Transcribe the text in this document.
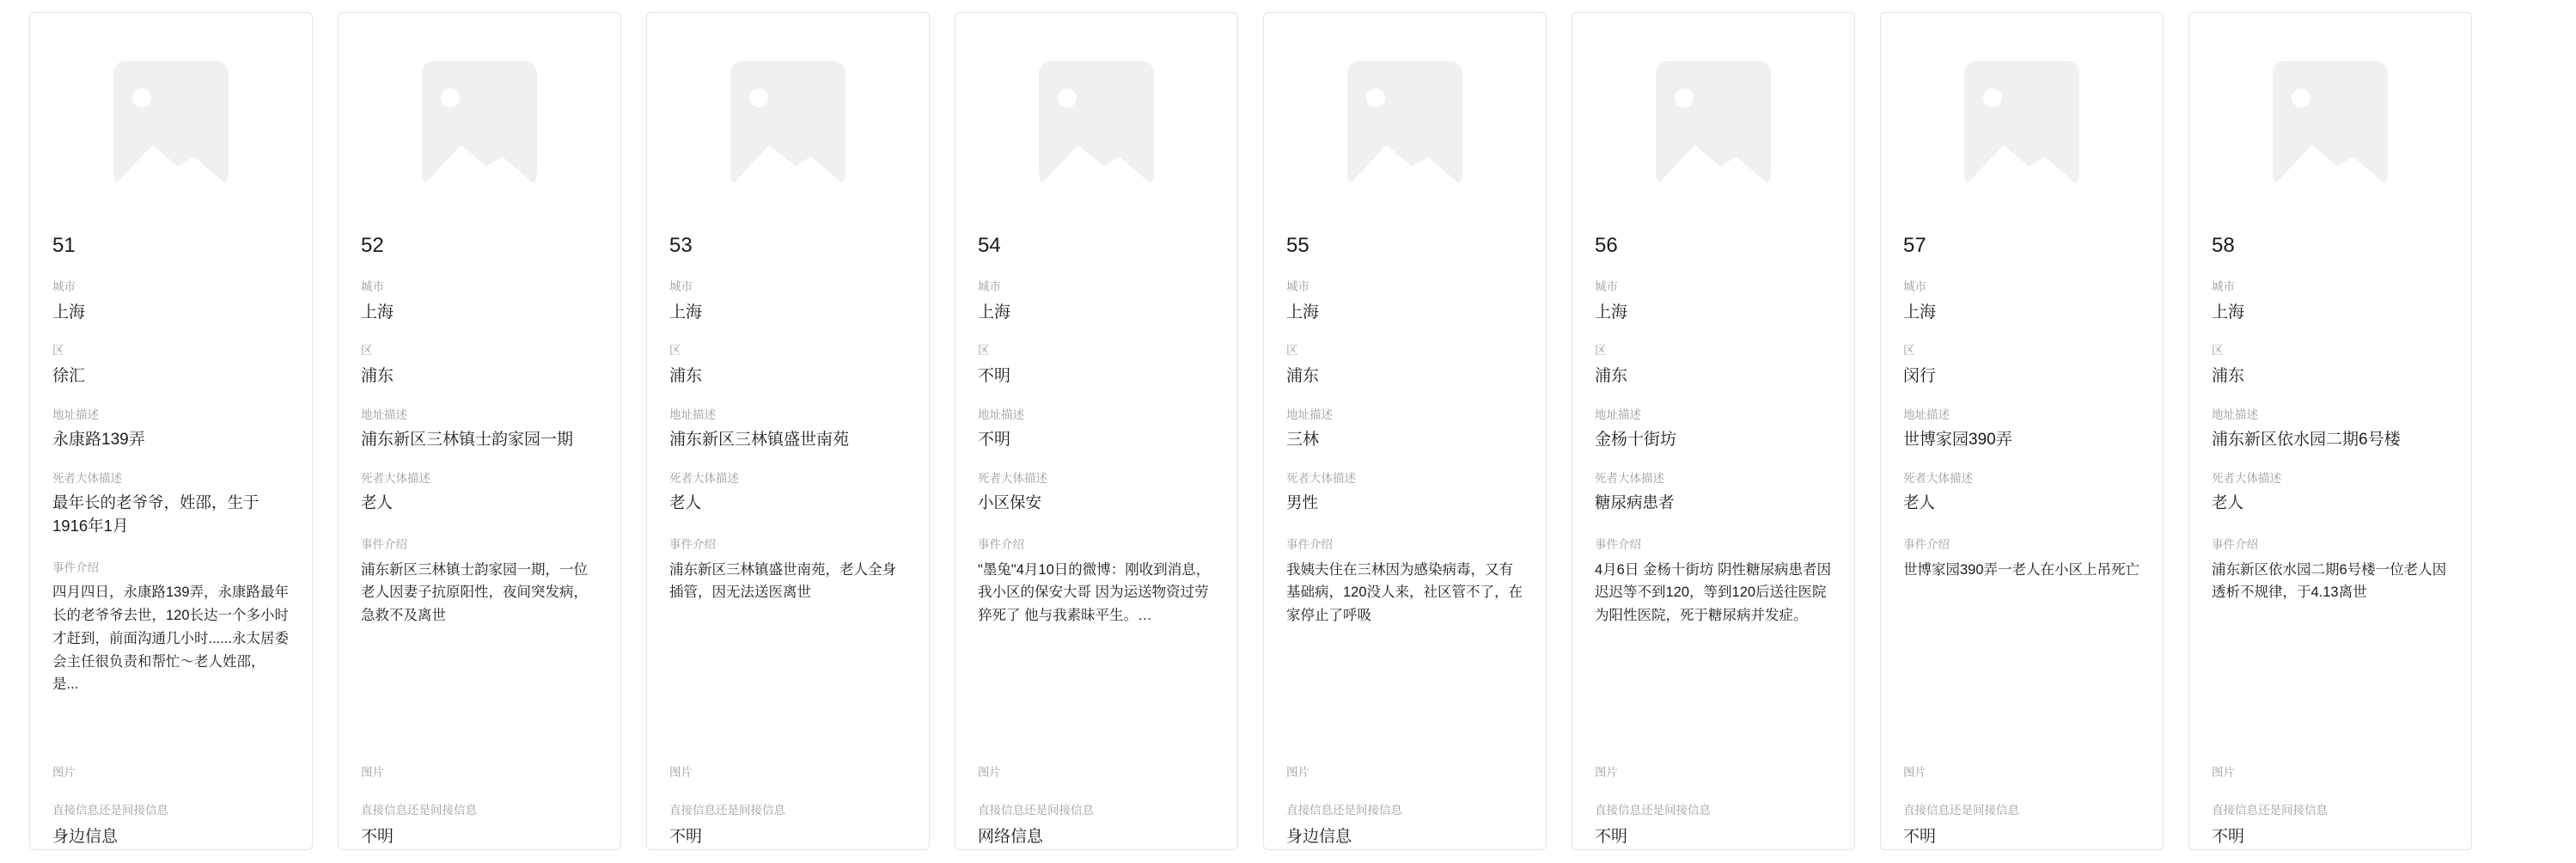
51
城市
上海
区
徐汇
地址描述
永康路139弄
死者大体描述
最年长的老爷爷，姓邵，生于1916年1月
事件介绍
四月四日，永康路139弄，永康路最年长的老爷爷去世，120长达一个多小时才赶到，前面沟通几小时......永太居委会主任很负责和帮忙～老人姓邵，是...
图片
直接信息还是间接信息
身边信息
52
城市
上海
区
浦东
地址描述
浦东新区三林镇士韵家园一期
死者大体描述
老人
事件介绍
浦东新区三林镇士韵家园一期，一位老人因妻子抗原阳性，夜间突发病，急救不及离世
图片
直接信息还是间接信息
不明
53
城市
上海
区
浦东
地址描述
浦东新区三林镇盛世南苑
死者大体描述
老人
事件介绍
浦东新区三林镇盛世南苑，老人全身插管，因无法送医离世
图片
直接信息还是间接信息
不明
54
城市
上海
区
不明
地址描述
不明
死者大体描述
小区保安
事件介绍
"墨兔"4月10日的微博：刚收到消息，我小区的保安大哥 因为运送物资过劳猝死了 他与我素昧平生。…
图片
直接信息还是间接信息
网络信息
55
城市
上海
区
浦东
地址描述
三林
死者大体描述
男性
事件介绍
我姨夫住在三林因为感染病毒，又有基础病，120没人来，社区管不了，在家停止了呼吸
图片
直接信息还是间接信息
身边信息
56
城市
上海
区
浦东
地址描述
金杨十街坊
死者大体描述
糖尿病患者
事件介绍
4月6日 金杨十街坊 阴性糖尿病患者因迟迟等不到120，等到120后送往医院为阳性医院，死于糖尿病并发症。
图片
直接信息还是间接信息
不明
57
城市
上海
区
闵行
地址描述
世博家园390弄
死者大体描述
老人
事件介绍
世博家园390弄一老人在小区上吊死亡
图片
直接信息还是间接信息
不明
58
城市
上海
区
浦东
地址描述
浦东新区依水园二期6号楼
死者大体描述
老人
事件介绍
浦东新区依水园二期6号楼一位老人因透析不规律，于4.13离世
图片
直接信息还是间接信息
不明
